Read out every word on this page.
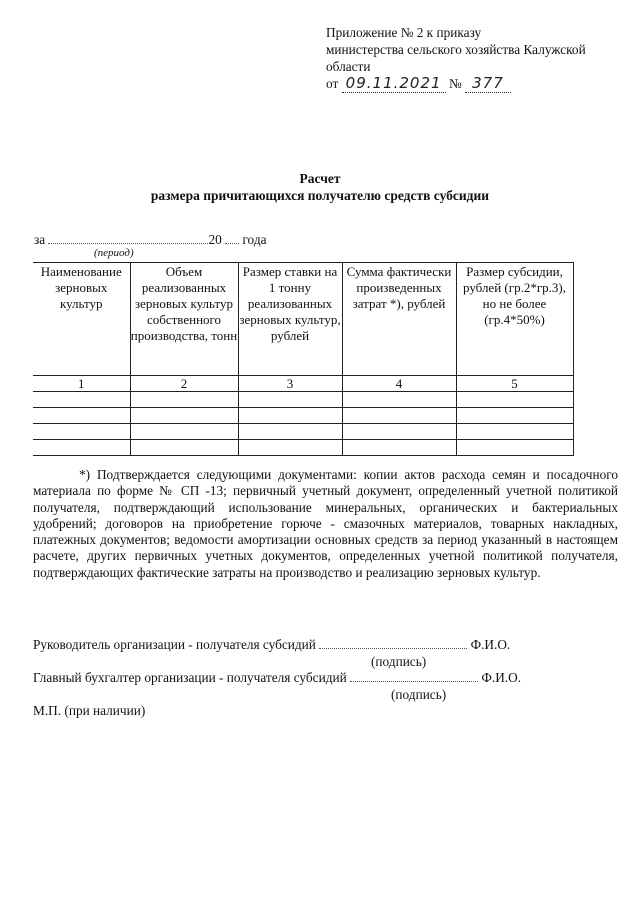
Приложение № 2 к приказу
министерства сельского хозяйства Калужской
области
от 09.11.2021 № 377
Расчет
размера причитающихся получателю средств субсидии
за	20 года
(период)
Наименование зерновых культур	Объем реализованных зерновых культур собственного производства, тонн	Размер ставки на 1 тонну реализованных зерновых культур, рублей	Сумма фактически произведенных затрат *), рублей	Размер субсидии, рублей (гр.2*гр.3), но не более (гр.4*50%)
1	2	3	4	5

*) Подтверждается следующими документами: копии актов расхода семян и посадочного материала по форме № СП -13; первичный учетный документ, определенный учетной политикой получателя, подтверждающий использование минеральных, органических и бактериальных удобрений; договоров на приобретение горюче - смазочных материалов, товарных накладных, платежных документов; ведомости амортизации основных средств за период указанный в настоящем расчете, других первичных учетных документов, определенных учетной политикой получателя, подтверждающих фактические затраты на производство и реализацию зерновых культур.

Руководитель организации - получателя субсидий	Ф.И.О.
(подпись)
Главный бухгалтер организации - получателя субсидий	Ф.И.О.
(подпись)
М.П. (при наличии)
